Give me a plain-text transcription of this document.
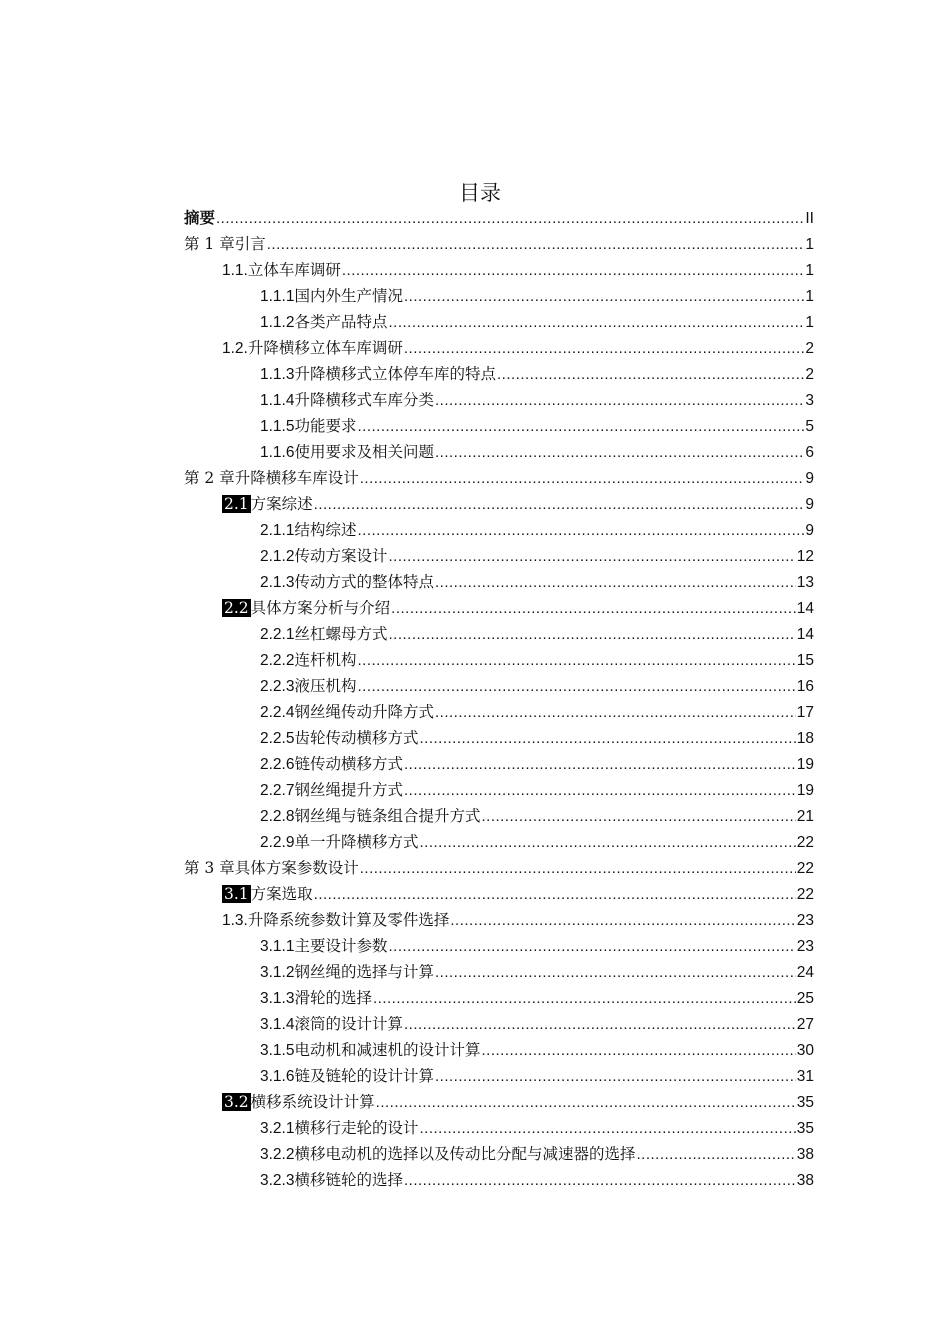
目录
摘要 .....	II
第 1 章 引言 .....	1
1.1. 立体车库调研 .....	1
1.1.1 国内外生产情况 .....	1
1.1.2 各类产品特点 .....	1
1.2. 升降横移立体车库调研 .....	2
1.1.3 升降横移式立体停车库的特点 .....	2
1.1.4 升降横移式车库分类 .....	3
1.1.5 功能要求 .....	5
1.1.6 使用要求及相关问题 .....	6
第 2 章 升降横移车库设计 .....	9
2.1 方案综述 .....	9
2.1.1 结构综述 .....	9
2.1.2 传动方案设计 .....	12
2.1.3 传动方式的整体特点 .....	13
2.2 具体方案分析与介绍 .....	14
2.2.1 丝杠螺母方式 .....	14
2.2.2 连杆机构 .....	15
2.2.3 液压机构 .....	16
2.2.4 钢丝绳传动升降方式 .....	17
2.2.5 齿轮传动横移方式 .....	18
2.2.6 链传动横移方式 .....	19
2.2.7 钢丝绳提升方式 .....	19
2.2.8 钢丝绳与链条组合提升方式 .....	21
2.2.9 单一升降横移方式 .....	22
第 3 章 具体方案参数设计 .....	22
3.1 方案选取 .....	22
1.3. 升降系统参数计算及零件选择 .....	23
3.1.1 主要设计参数 .....	23
3.1.2 钢丝绳的选择与计算 .....	24
3.1.3 滑轮的选择 .....	25
3.1.4 滚筒的设计计算 .....	27
3.1.5 电动机和减速机的设计计算 .....	30
3.1.6 链及链轮的设计计算 .....	31
3.2 横移系统设计计算 .....	35
3.2.1 横移行走轮的设计 .....	35
3.2.2 横移电动机的选择以及传动比分配与减速器的选择 .....	38
3.2.3 横移链轮的选择 .....	38
